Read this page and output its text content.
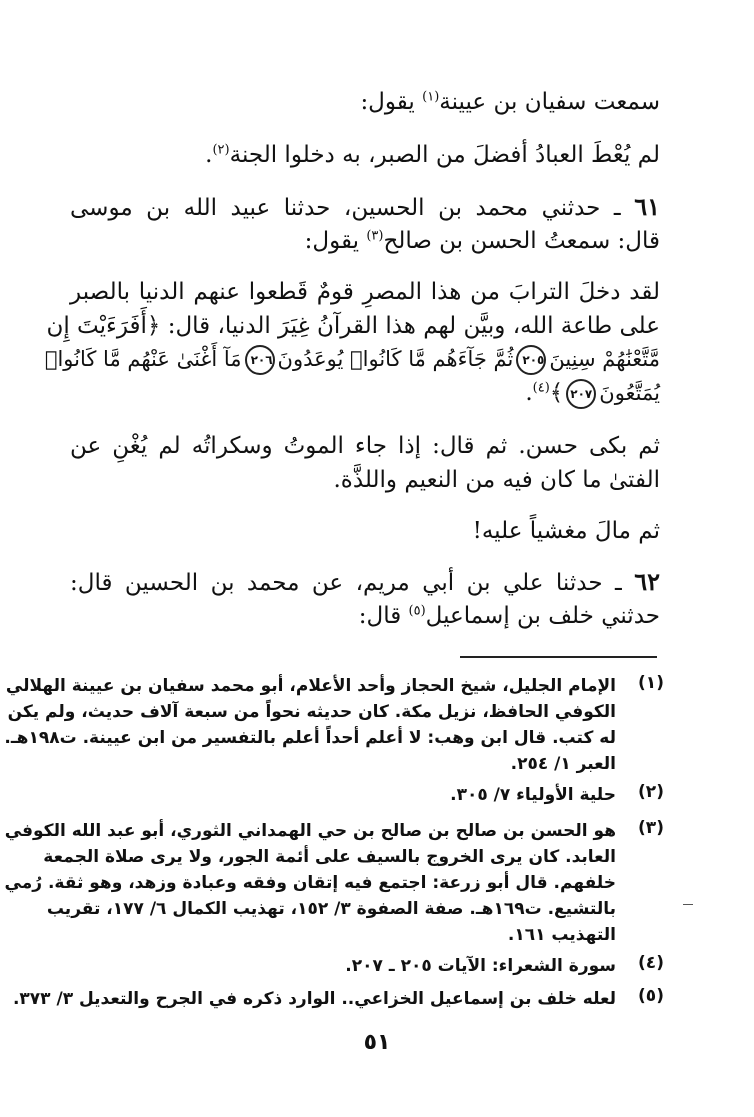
سمعت سفيان بن عيينة$^{(١)}$ يقول:
لم يُعْطَ العبادُ أفضلَ من الصبر، به دخلوا الجنة$^{(٢)}$.
٦١ ـ حدثني محمد بن الحسين، حدثنا عبيد الله بن موسى
قال: سمعتُ الحسن بن صالح$^{(٣)}$ يقول:
لقد دخلَ الترابَ من هذا المصرِ قومٌ قَطعوا عنهم الدنيا بالصبر
على طاعة الله، وبيَّن لهم هذا القرآنُ غِيَرَ الدنيا، قال: ﴿أَفَرَءَيْتَ إِن
مَّتَّعْنَٰهُمْ سِنِينَ٢٠٥ثُمَّ جَآءَهُم مَّا كَانُوا۟ يُوعَدُونَ٢٠٦مَآ أَغْنَىٰ عَنْهُم مَّا كَانُوا۟
يُمَتَّعُونَ٢٠٧﴾$^{(٤)}$.
ثم بكى حسن. ثم قال: إذا جاء الموتُ وسكراتُه لم يُغْنِ عن
الفتىٰ ما كان فيه من النعيم واللذَّة.
ثم مالَ مغشياً عليه!
٦٢ ـ حدثنا علي بن أبي مريم، عن محمد بن الحسين قال:
حدثني خلف بن إسماعيل$^{(٥)}$ قال:
(١)
الإمام الجليل، شيخ الحجاز وأحد الأعلام، أبو محمد سفيان بن عيينة الهلالي
الكوفي الحافظ، نزيل مكة. كان حديثه نحواً من سبعة آلاف حديث، ولم يكن
له كتب. قال ابن وهب: لا أعلم أحداً أعلم بالتفسير من ابن عيينة. ت١٩٨هـ.
العبر ١/ ٢٥٤.
(٢)
حلية الأولياء ٧/ ٣٠٥.
(٣)
هو الحسن بن صالح بن صالح بن حي الهمداني الثوري، أبو عبد الله الكوفي
العابد. كان يرى الخروج بالسيف على أئمة الجور، ولا يرى صلاة الجمعة
خلفهم. قال أبو زرعة: اجتمع فيه إتقان وفقه وعبادة وزهد، وهو ثقة. رُمي
بالتشيع. ت١٦٩هـ. صفة الصفوة ٣/ ١٥٢، تهذيب الكمال ٦/ ١٧٧، تقريب
التهذيب ١٦١.
(٤)
سورة الشعراء: الآيات ٢٠٥ ـ ٢٠٧.
(٥)
لعله خلف بن إسماعيل الخزاعي.. الوارد ذكره في الجرح والتعديل ٣/ ٣٧٣.
٥١
